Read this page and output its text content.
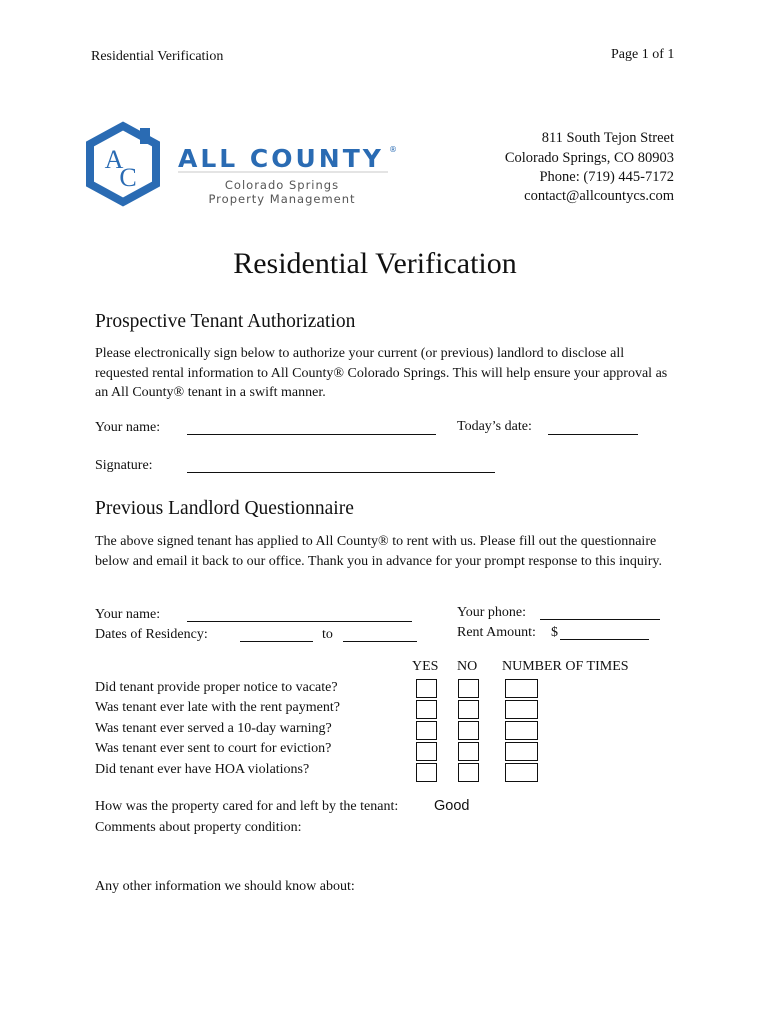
Residential Verification	Page 1 of 1
A
C
ALL COUNTY ®
Colorado Springs
Property Management
811 South Tejon Street
Colorado Springs, CO 80903
Phone: (719) 445-7172
contact@allcountycs.com
Residential Verification
Prospective Tenant Authorization
Please electronically sign below to authorize your current (or previous) landlord to disclose all requested rental information to All County® Colorado Springs. This will help ensure your approval as an All County® tenant in a swift manner.
Your name:	Today’s date:
Signature:
Previous Landlord Questionnaire
The above signed tenant has applied to All County® to rent with us. Please fill out the questionnaire below and email it back to our office. Thank you in advance for your prompt response to this inquiry.
Your name:	Your phone:
Dates of Residency:	to	Rent Amount: $
YES NO NUMBER OF TIMES
Did tenant provide proper notice to vacate?
Was tenant ever late with the rent payment?
Was tenant ever served a 10-day warning?
Was tenant ever sent to court for eviction?
Did tenant ever have HOA violations?
How was the property cared for and left by the tenant: Good
Comments about property condition:
Any other information we should know about:
